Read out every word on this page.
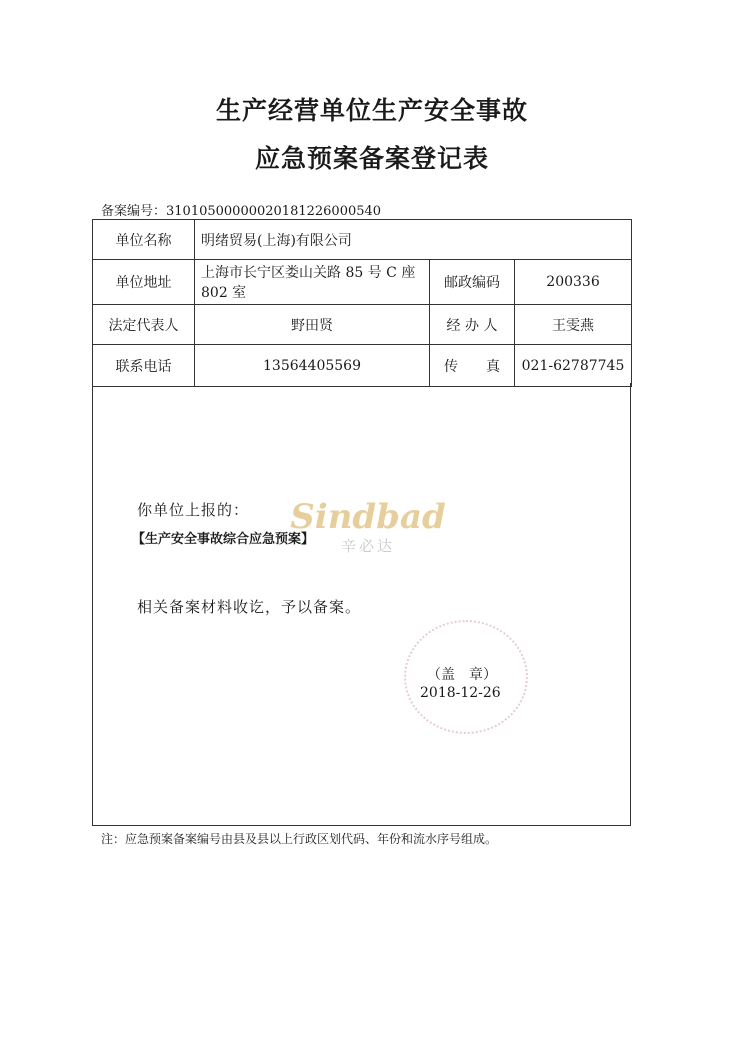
生产经营单位生产安全事故
应急预案备案登记表
备案编号：31010500000020181226000540
单位名称	明绪贸易(上海)有限公司		
单位地址	上海市长宁区娄山关路 85 号 C 座 802 室	邮政编码	200336
法定代表人	野田贤	经 办 人	王雯燕
联系电话	13564405569	传　　真	021-62787745
你单位上报的：
【生产安全事故综合应急预案】
相关备案材料收讫，予以备案。
Sindbad
辛必达
（盖　章）
2018-12-26
注：应急预案备案编号由县及县以上行政区划代码、年份和流水序号组成。
